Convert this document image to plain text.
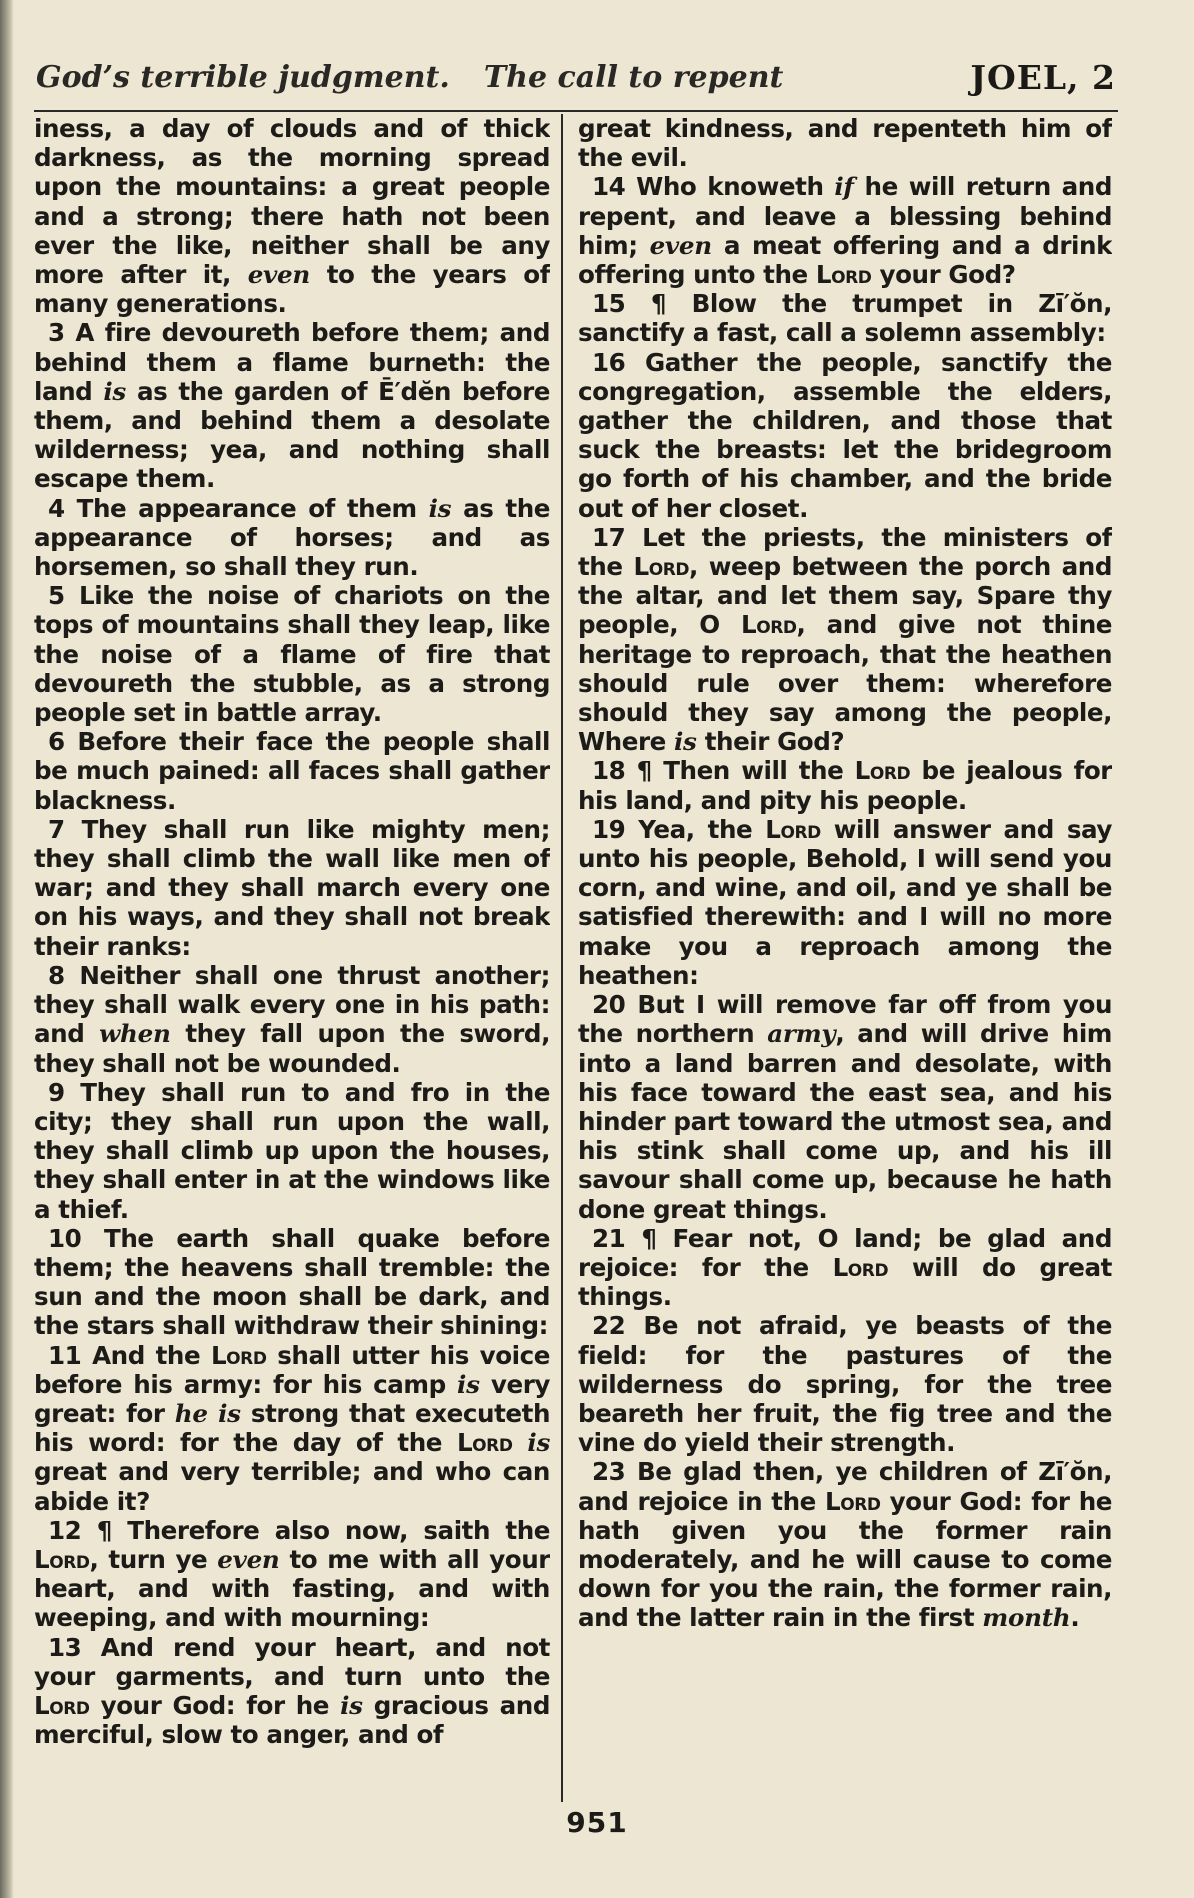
God’s terrible judgment. The call to repent	JOEL, 2

iness, a day of clouds and of thick darkness, as the morning spread upon the mountains: a great people and a strong; there hath not been ever the like, neither shall be any more after it, even to the years of many generations.

3 A fire devoureth before them; and behind them a flame burneth: the land is as the garden of Ē′dĕn before them, and behind them a desolate wilderness; yea, and nothing shall escape them.

4 The appearance of them is as the appearance of horses; and as horsemen, so shall they run.

5 Like the noise of chariots on the tops of mountains shall they leap, like the noise of a flame of fire that devoureth the stubble, as a strong people set in battle array.

6 Before their face the people shall be much pained: all faces shall gather blackness.

7 They shall run like mighty men; they shall climb the wall like men of war; and they shall march every one on his ways, and they shall not break their ranks:

8 Neither shall one thrust another; they shall walk every one in his path: and when they fall upon the sword, they shall not be wounded.

9 They shall run to and fro in the city; they shall run upon the wall, they shall climb up upon the houses, they shall enter in at the windows like a thief.

10 The earth shall quake before them; the heavens shall tremble: the sun and the moon shall be dark, and the stars shall withdraw their shining:

11 And the Lord shall utter his voice before his army: for his camp is very great: for he is strong that executeth his word: for the day of the Lord is great and very terrible; and who can abide it?

12 ¶ Therefore also now, saith the Lord, turn ye even to me with all your heart, and with fasting, and with weeping, and with mourning:

13 And rend your heart, and not your garments, and turn unto the Lord your God: for he is gracious and merciful, slow to anger, and of

great kindness, and repenteth him of the evil.

14 Who knoweth if he will return and repent, and leave a blessing behind him; even a meat offering and a drink offering unto the Lord your God?

15 ¶ Blow the trumpet in Zī′ŏn, sanctify a fast, call a solemn assembly:

16 Gather the people, sanctify the congregation, assemble the elders, gather the children, and those that suck the breasts: let the bridegroom go forth of his chamber, and the bride out of her closet.

17 Let the priests, the ministers of the Lord, weep between the porch and the altar, and let them say, Spare thy people, O Lord, and give not thine heritage to reproach, that the heathen should rule over them: wherefore should they say among the people, Where is their God?

18 ¶ Then will the Lord be jealous for his land, and pity his people.

19 Yea, the Lord will answer and say unto his people, Behold, I will send you corn, and wine, and oil, and ye shall be satisfied therewith: and I will no more make you a reproach among the heathen:

20 But I will remove far off from you the northern army, and will drive him into a land barren and desolate, with his face toward the east sea, and his hinder part toward the utmost sea, and his stink shall come up, and his ill savour shall come up, because he hath done great things.

21 ¶ Fear not, O land; be glad and rejoice: for the Lord will do great things.

22 Be not afraid, ye beasts of the field: for the pastures of the wilderness do spring, for the tree beareth her fruit, the fig tree and the vine do yield their strength.

23 Be glad then, ye children of Zī′ŏn, and rejoice in the Lord your God: for he hath given you the former rain moderately, and he will cause to come down for you the rain, the former rain, and the latter rain in the first month.

951
